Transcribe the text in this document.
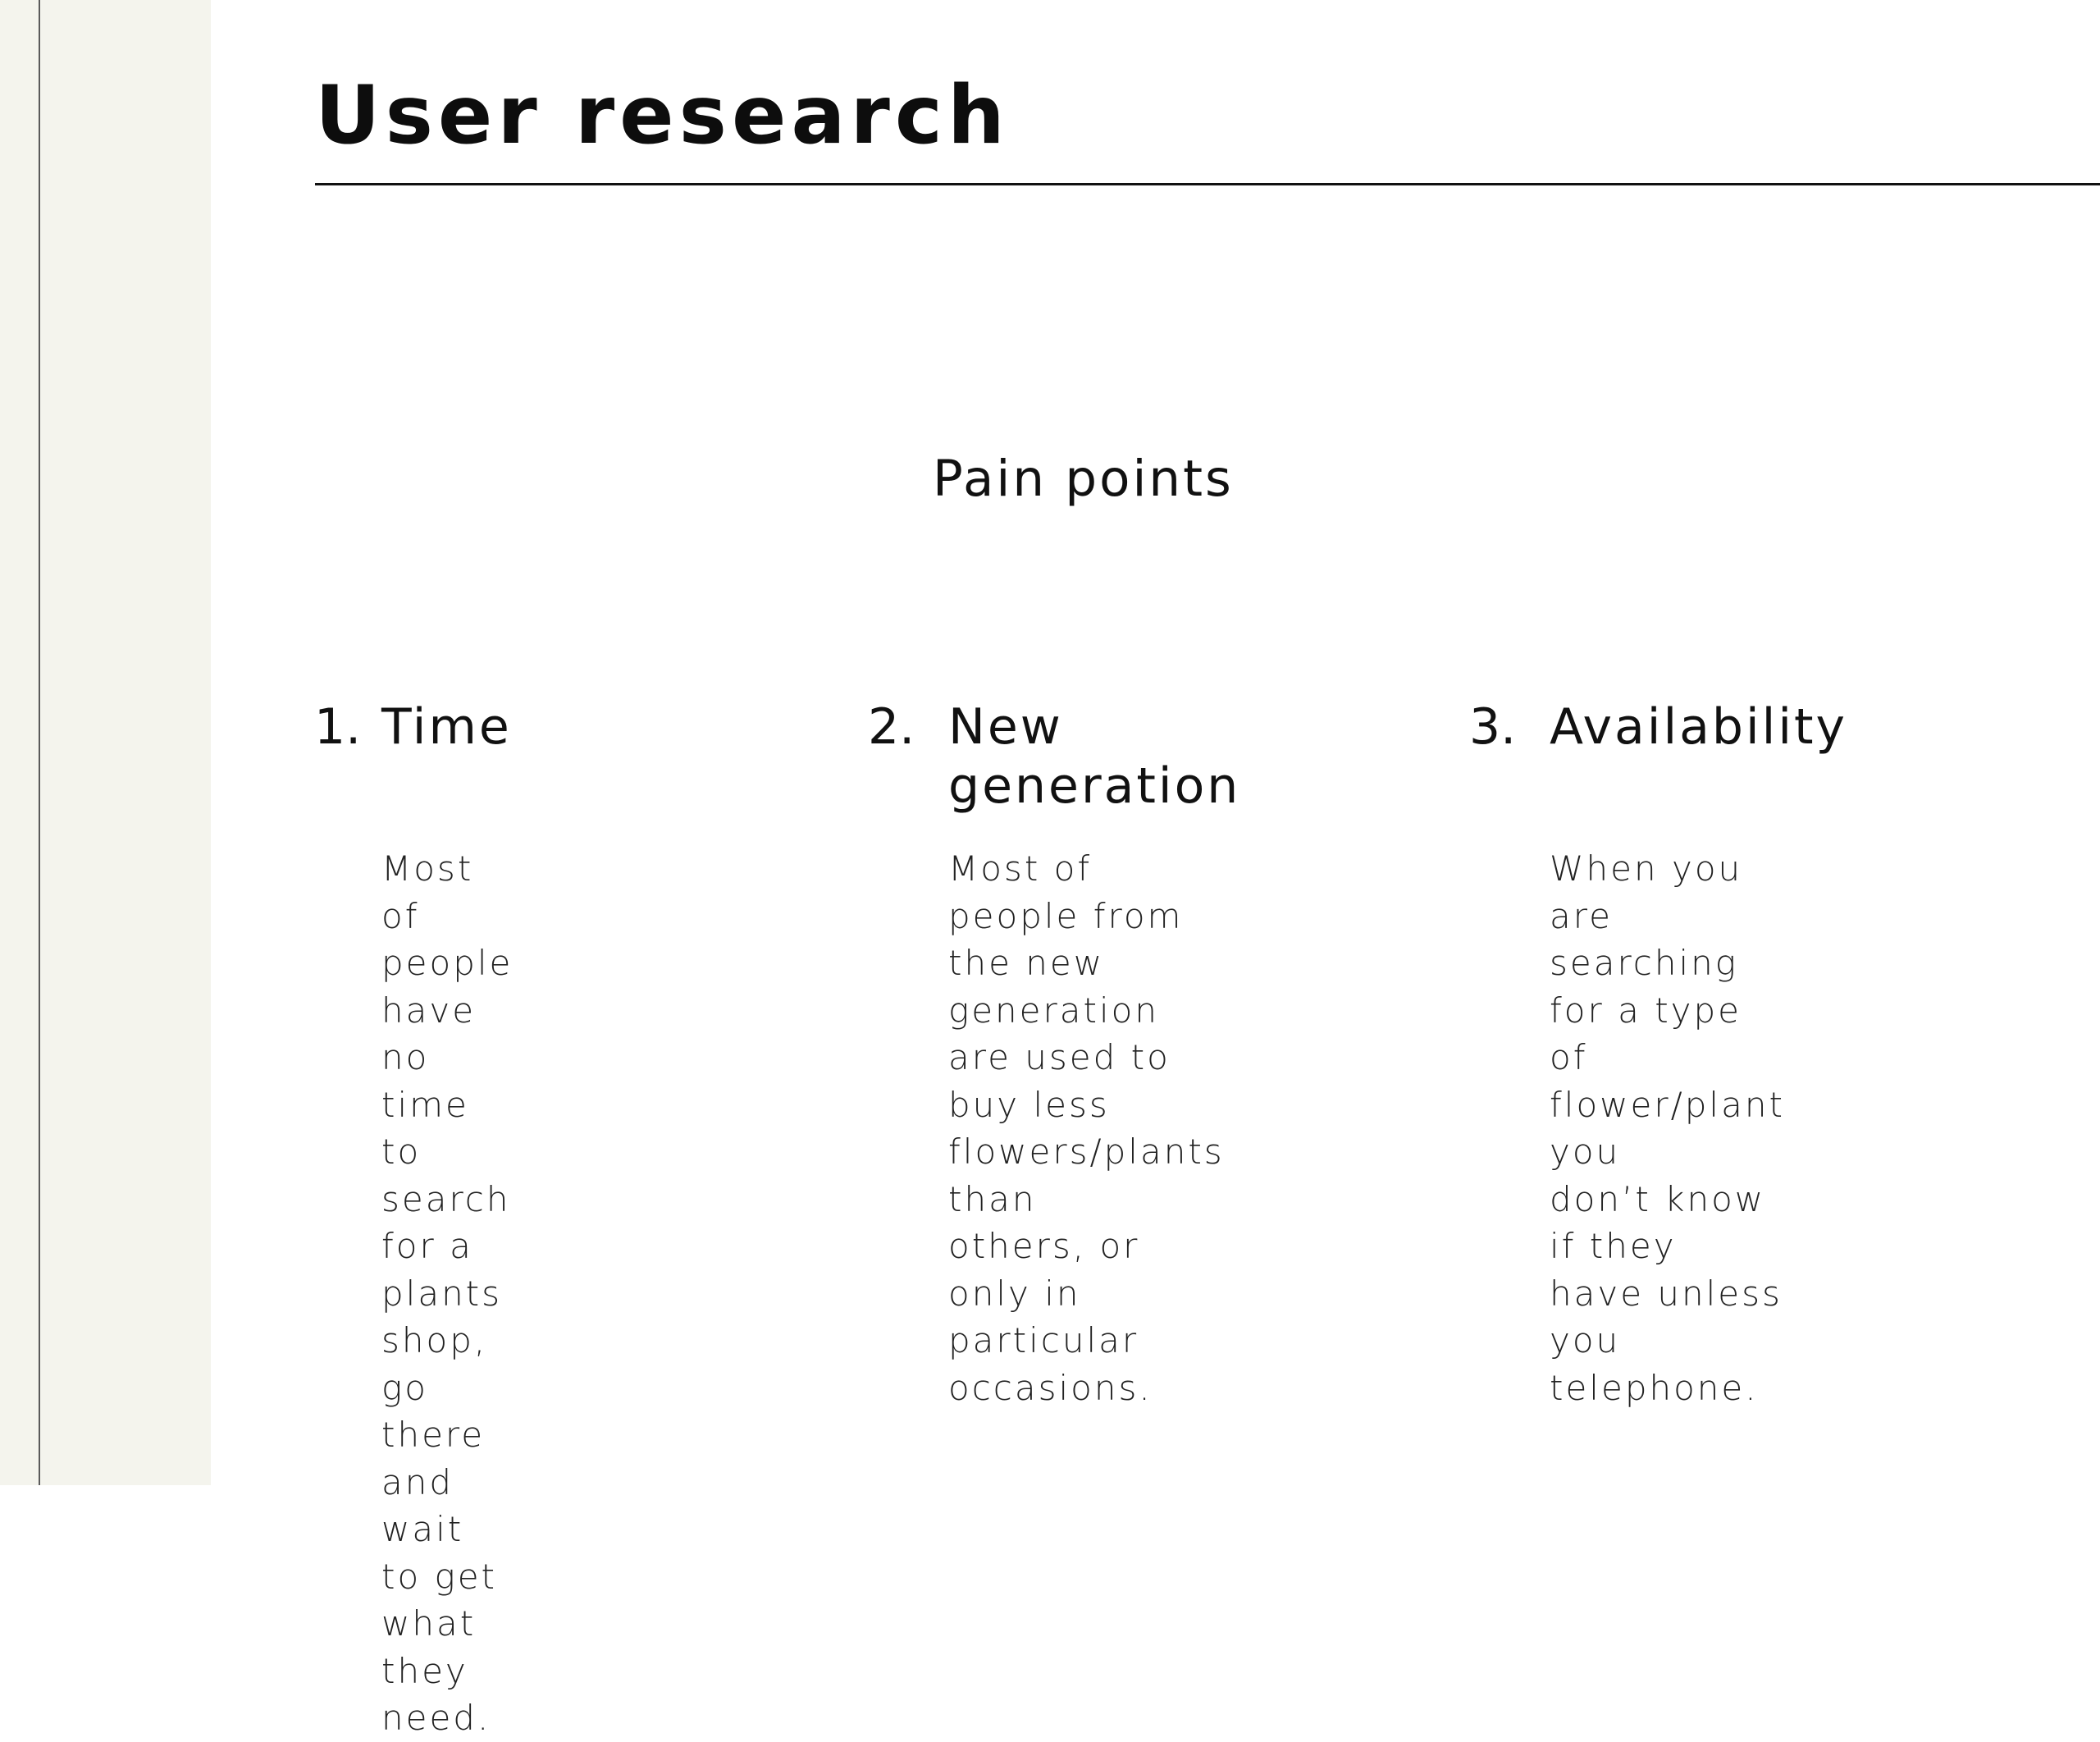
User research
Pain points
1. Time
Most of people
have no time to
search for a plants
shop, go there and
wait to get what
they need.
2. New
generation
Most of people from
the new generation
are used to buy less
flowers/plants than
others, or only in
particular occasions.
3. Availability
When you are
searching for a type
of flower/plant you
don’t know if they
have unless you
telephone.
